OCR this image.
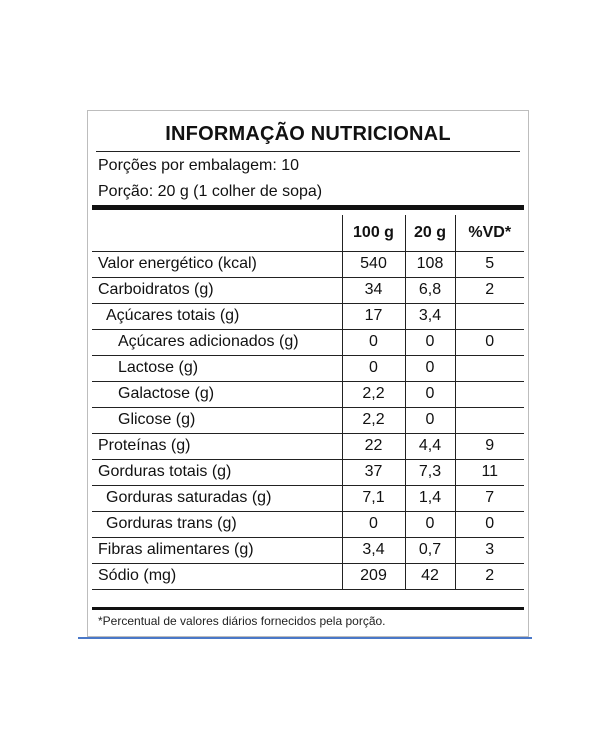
INFORMAÇÃO NUTRICIONAL
Porções por embalagem: 10
Porção: 20 g (1 colher de sopa)
	100 g	20 g	%VD*
Valor energético (kcal)	540	108	5
Carboidratos (g)	34	6,8	2
Açúcares totais (g)	17	3,4	
Açúcares adicionados (g)	0	0	0
Lactose (g)	0	0	
Galactose (g)	2,2	0	
Glicose (g)	2,2	0	
Proteínas (g)	22	4,4	9
Gorduras totais (g)	37	7,3	11
Gorduras saturadas (g)	7,1	1,4	7
Gorduras trans (g)	0	0	0
Fibras alimentares (g)	3,4	0,7	3
Sódio (mg)	209	42	2
*Percentual de valores diários fornecidos pela porção.
